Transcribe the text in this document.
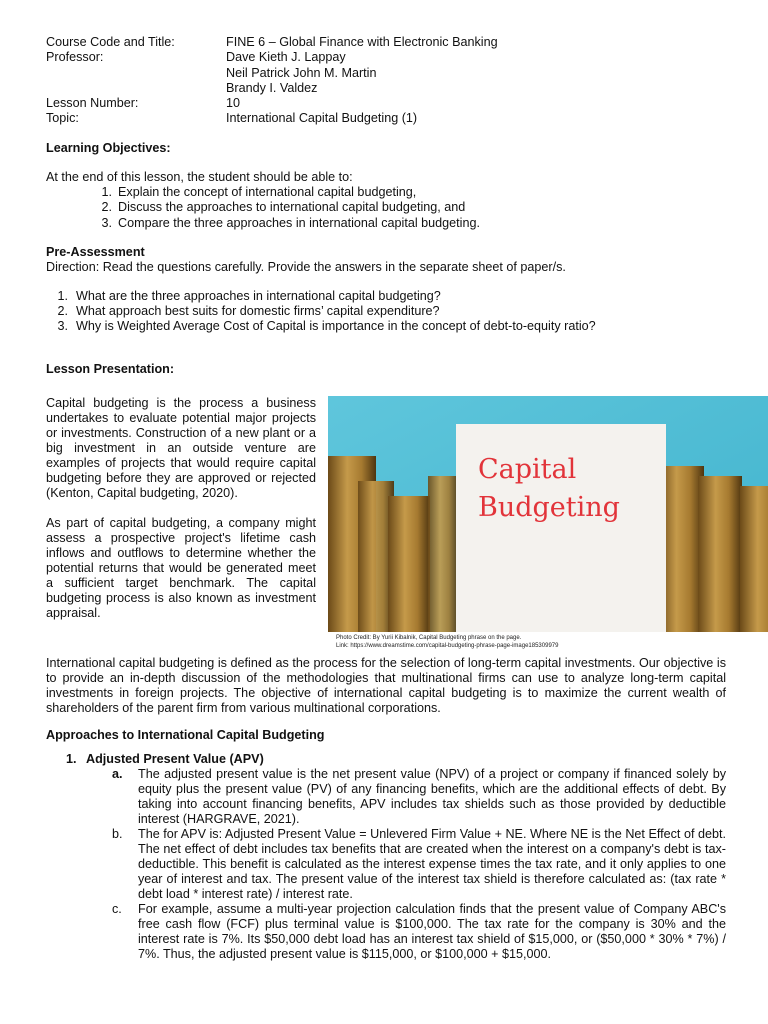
Course Code and Title:	FINE 6 – Global Finance with Electronic Banking
Professor:	Dave Kieth J. Lappay
Neil Patrick John M. Martin
Brandy I. Valdez
Lesson Number:	10
Topic:	International Capital Budgeting (1)
Learning Objectives:
At the end of this lesson, the student should be able to:
1. Explain the concept of international capital budgeting,
2. Discuss the approaches to international capital budgeting, and
3. Compare the three approaches in international capital budgeting.
Pre-Assessment
Direction: Read the questions carefully. Provide the answers in the separate sheet of paper/s.
1. What are the three approaches in international capital budgeting?
2. What approach best suits for domestic firms’ capital expenditure?
3. Why is Weighted Average Cost of Capital is importance in the concept of debt-to-equity ratio?
Lesson Presentation:

Capital budgeting is the process a business undertakes to evaluate potential major projects or investments. Construction of a new plant or a big investment in an outside venture are examples of projects that would require capital budgeting before they are approved or rejected (Kenton, Capital budgeting, 2020).

As part of capital budgeting, a company might assess a prospective project's lifetime cash inflows and outflows to determine whether the potential returns that would be generated meet a sufficient target benchmark. The capital budgeting process is also known as investment appraisal.

Capital
Budgeting
Photo Credit: By Yurii Kibalnik, Capital Budgeting phrase on the page.
Link: https://www.dreamstime.com/capital-budgeting-phrase-page-image185309979

International capital budgeting is defined as the process for the selection of long-term capital investments. Our objective is to provide an in-depth discussion of the methodologies that multinational firms can use to analyze long-term capital investments in foreign projects. The objective of international capital budgeting is to maximize the current wealth of shareholders of the parent firm from various multinational corporations.

Approaches to International Capital Budgeting
1. Adjusted Present Value (APV)
a.	The adjusted present value is the net present value (NPV) of a project or company if financed solely by equity plus the present value (PV) of any financing benefits, which are the additional effects of debt. By taking into account financing benefits, APV includes tax shields such as those provided by deductible interest (HARGRAVE, 2021).
b.	The for APV is: Adjusted Present Value = Unlevered Firm Value + NE. Where NE is the Net Effect of debt. The net effect of debt includes tax benefits that are created when the interest on a company's debt is tax-deductible. This benefit is calculated as the interest expense times the tax rate, and it only applies to one year of interest and tax. The present value of the interest tax shield is therefore calculated as: (tax rate * debt load * interest rate) / interest rate.
c.	For example, assume a multi-year projection calculation finds that the present value of Company ABC's free cash flow (FCF) plus terminal value is $100,000. The tax rate for the company is 30% and the interest rate is 7%. Its $50,000 debt load has an interest tax shield of $15,000, or ($50,000 * 30% * 7%) / 7%. Thus, the adjusted present value is $115,000, or $100,000 + $15,000.
